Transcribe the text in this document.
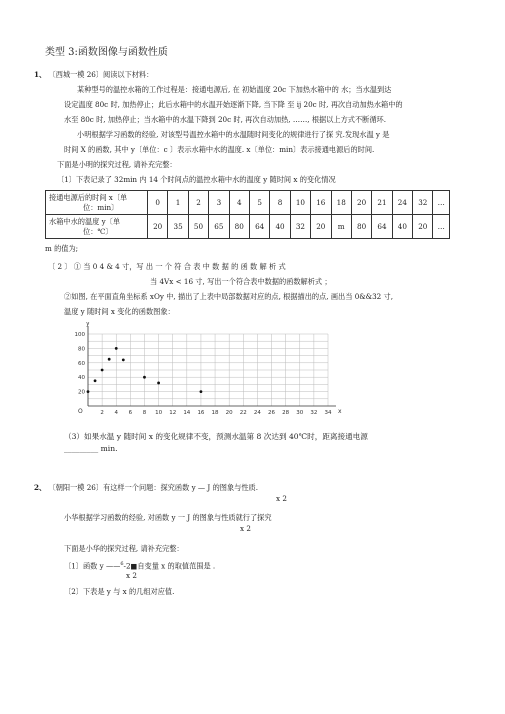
类型 3:函数图像与函数性质
1、 〔西城一模 26〕阅读以下材料：
某种型号的温控水箱的工作过程是：接通电源后, 在 初始温度 20c 下加热水箱中的 水；当水温到达
设定温度 80c 时, 加热停止；此后水箱中的水温开始逐渐下降, 当下降 至 ij 20c 时, 再次自动加热水箱中的
水至 80c 时, 加热停止；当水箱中的水温下降到 20c 时, 再次自动加热, ……, 根据以上方式不断循环.
小明根据学习函数的经验, 对该型号温控水箱中的水温随时间变化的规律进行了探 究.发现水温 y 是
时间 X 的函数, 其中 y〔单位：c 〕表示水箱中水的温度. x〔单位：min〕表示接通电源后的时间.
下面是小明的探究过程, 请补充完整：
〔1〕下表记录了 32min 内 14 个时间点的温控水箱中水的温度 y 随时间 x 的变化情况
接通电源后的时间 x〔单
位：min〕	0	1	2	3	4	5	8	10	16	18	20	21	24	32	…
水箱中水的温度 y〔单
位：℃〕	20	35	50	65	80	64	40	32	20	m	80	64	40	20	…
m 的值为;
〔 2 〕 ① 当 0 4 & 4 寸，写 出 一 个 符 合 表 中 数 据 的 函 数 解 析 式
当 4Vx < 16 寸, 写出一个符合表中数据的函数解析式 ；
②如图, 在平面直角坐标系 xOy 中, 描出了上表中局部数据对应的点, 根据描出的点, 画出当 0&&32 寸,
温度 y 随时间 x 变化的函数图象：
x
y
O	2 4 6 8 10 12 14 16 18 20 22 24 26 28 30 32 34
20
40
60
80
100
（3）如果水温 y 随时间 x 的变化规律不变，预测水温第 8 次达到 40℃时，距离接通电源
_________ min.
2、 〔朝阳一模 26〕有这样一个问题：探究函数 y — J 的图象与性质.
x 2
小华根据学习函数的经验, 对函数 y 一 J 的图象与性质就行了探究
x 2
下面是小华的探究过程, 请补充完整：
〔1〕函数 y ——$^6$-2■自变量 x 的取值范围是 .
x 2
〔2〕下表是 y 与 x 的几组对应值.
